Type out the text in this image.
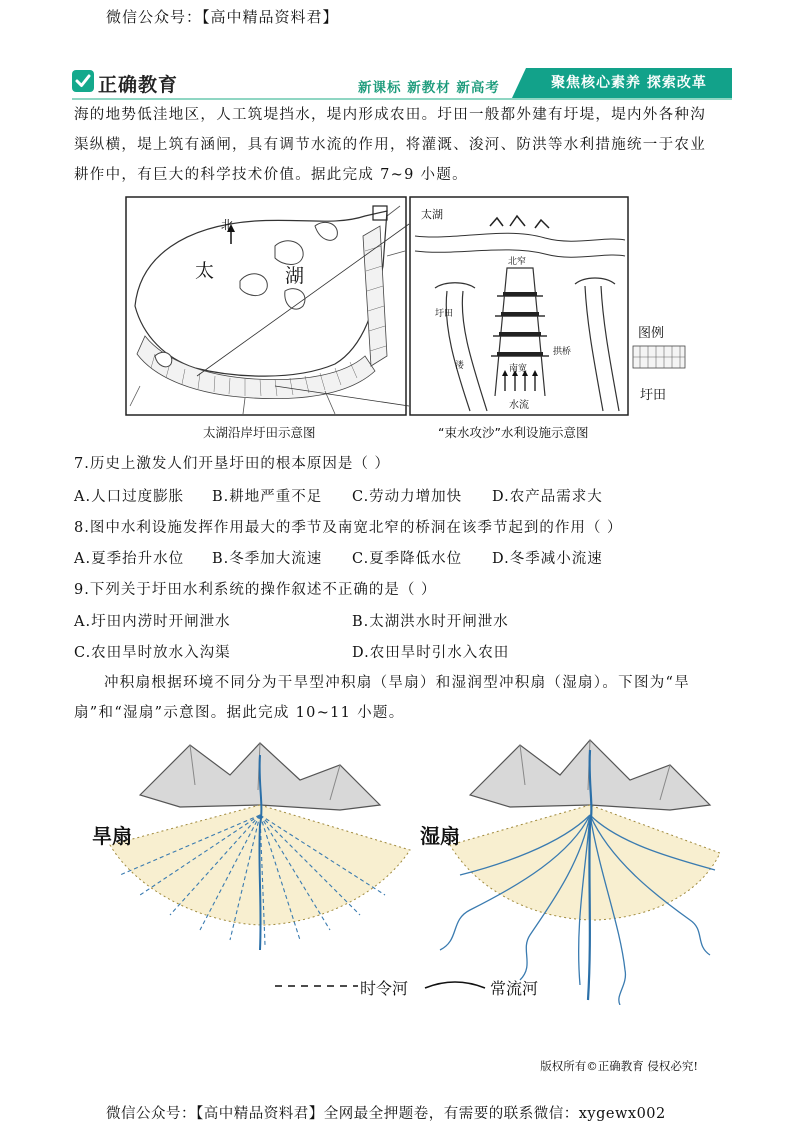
微信公众号：【高中精品资料君】
正确教育	新课标 新教材 新高考	聚焦核心素养 探索改革
海的地势低洼地区，人工筑堤挡水，堤内形成农田。圩田一般都外建有圩堤，堤内外各种沟
渠纵横，堤上筑有涵闸，具有调节水流的作用，将灌溉、浚河、防洪等水利措施统一于农业
耕作中，有巨大的科学技术价值。据此完成 7~9 小题。
北
太	湖
太湖
北窄
南宽
拱桥
圩田
溇
水流
太湖沿岸圩田示意图	“束水攻沙”水利设施示意图
图例
圩田
7.历史上激发人们开垦圩田的根本原因是（ ）
A.人口过度膨胀 B.耕地严重不足 C.劳动力增加快 D.农产品需求大
8.图中水利设施发挥作用最大的季节及南宽北窄的桥洞在该季节起到的作用（ ）
A.夏季抬升水位 B.冬季加大流速 C.夏季降低水位 D.冬季减小流速
9.下列关于圩田水利系统的操作叙述不正确的是（ ）
A.圩田内涝时开闸泄水	B.太湖洪水时开闸泄水
C.农田旱时放水入沟渠	D.农田旱时引水入农田
冲积扇根据环境不同分为干旱型冲积扇（旱扇）和湿润型冲积扇（湿扇）。下图为“旱
扇”和“湿扇”示意图。据此完成 10~11 小题。
旱扇	湿扇
时令河	常流河
版权所有©正确教育 侵权必究!
微信公众号：【高中精品资料君】全网最全押题卷，有需要的联系微信：xygewx002
